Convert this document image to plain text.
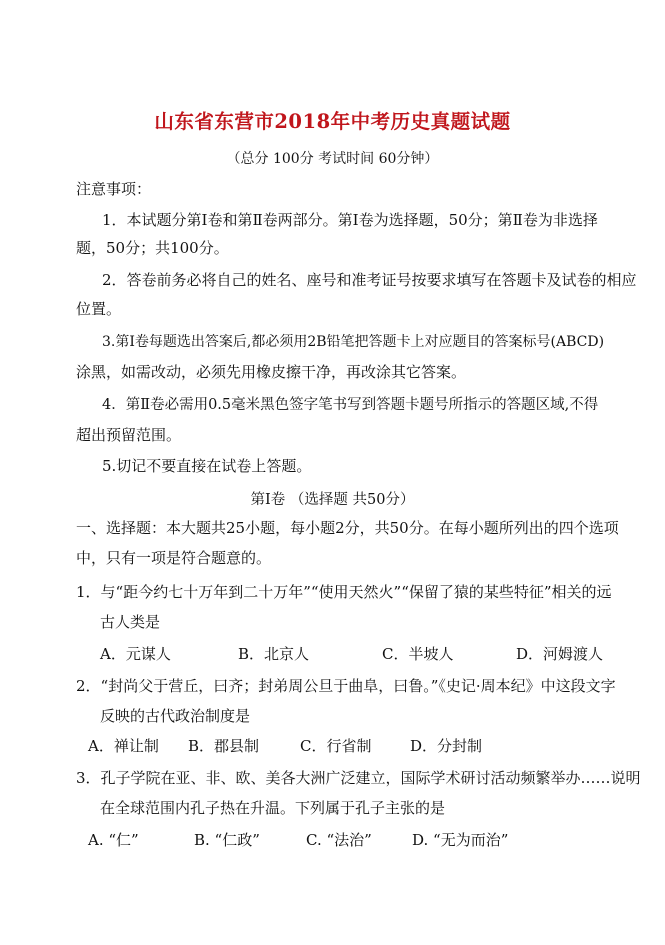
山东省东营市2018年中考历史真题试题
（总分 100分 考试时间 60分钟）
注意事项：
1．本试题分第Ⅰ卷和第Ⅱ卷两部分。第Ⅰ卷为选择题，50分；第Ⅱ卷为非选择
题，50分；共100分。
2．答卷前务必将自己的姓名、座号和准考证号按要求填写在答题卡及试卷的相应
位置。
3.第Ⅰ卷每题选出答案后,都必须用2B铅笔把答题卡上对应题目的答案标号(ABCD)
涂黑，如需改动，必须先用橡皮擦干净，再改涂其它答案。
4．第Ⅱ卷必需用0.5毫米黑色签字笔书写到答题卡题号所指示的答题区域,不得
超出预留范围。
5.切记不要直接在试卷上答题。
第Ⅰ卷 （选择题 共50分）
一、选择题：本大题共25小题，每小题2分，共50分。在每小题所列出的四个选项
中，只有一项是符合题意的。
1．与“距今约七十万年到二十万年”“使用天然火”“保留了猿的某些特征”相关的远
古人类是
A．元谋人	B．北京人	C．半坡人	D．河姆渡人
2．“封尚父于营丘，曰齐；封弟周公旦于曲阜，曰鲁。”《史记·周本纪》中这段文字
反映的古代政治制度是
A．禅让制 B．郡县制	C．行省制	D．分封制
3．孔子学院在亚、非、欧、美各大洲广泛建立，国际学术研讨活动频繁举办……说明
在全球范围内孔子热在升温。下列属于孔子主张的是
A. “仁”	B. “仁政”	C. “法治”	D. “无为而治”
